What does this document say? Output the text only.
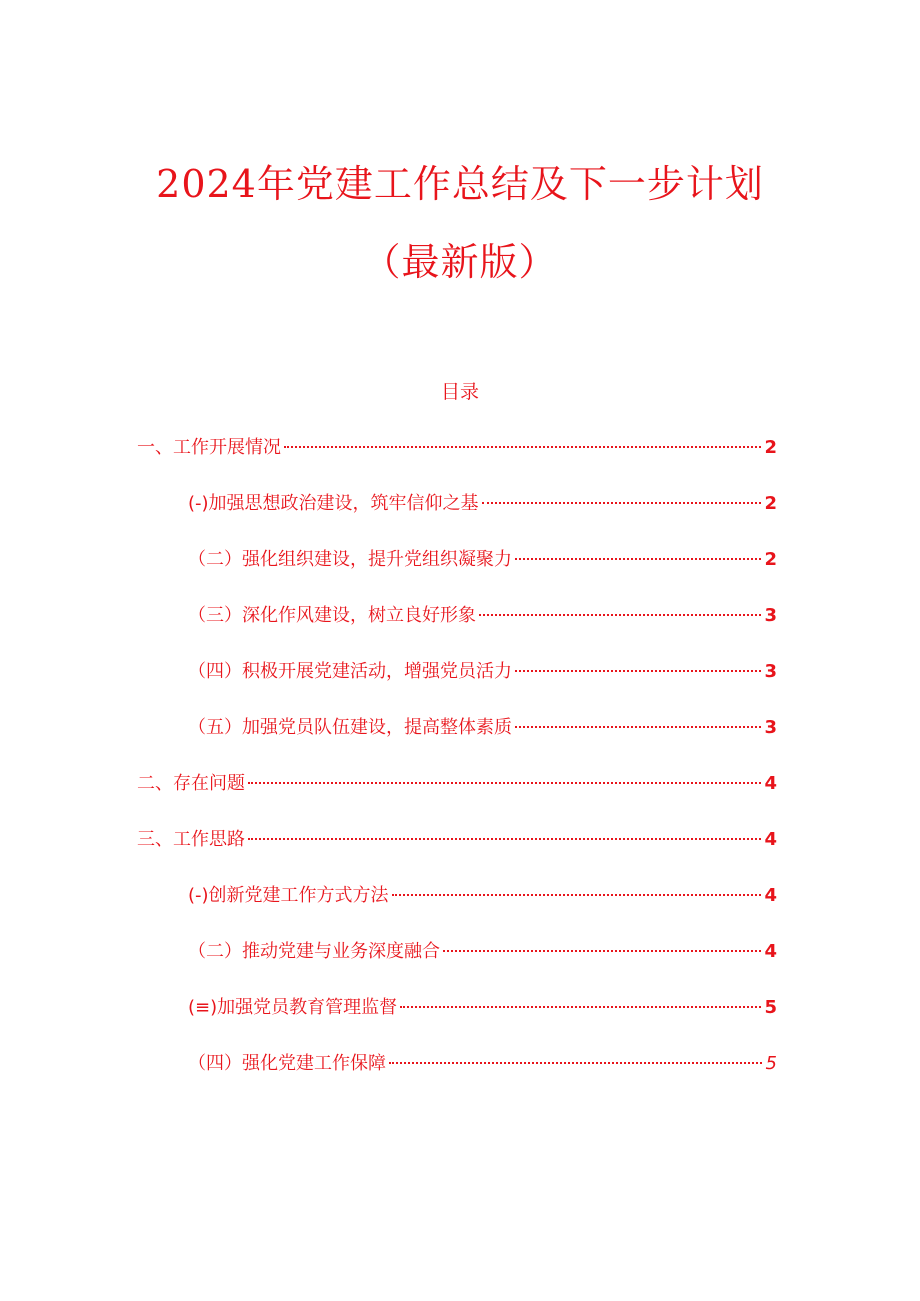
2024年党建工作总结及下一步计划
（最新版）
目录
一、工作开展情况	2
(-)加强思想政治建设，筑牢信仰之基	2
（二）强化组织建设，提升党组织凝聚力	2
（三）深化作风建设，树立良好形象	3
（四）积极开展党建活动，增强党员活力	3
（五）加强党员队伍建设，提高整体素质	3
二、存在问题	4
三、工作思路	4
(-)创新党建工作方式方法	4
（二）推动党建与业务深度融合	4
(≡)加强党员教育管理监督	5
（四）强化党建工作保障	5
